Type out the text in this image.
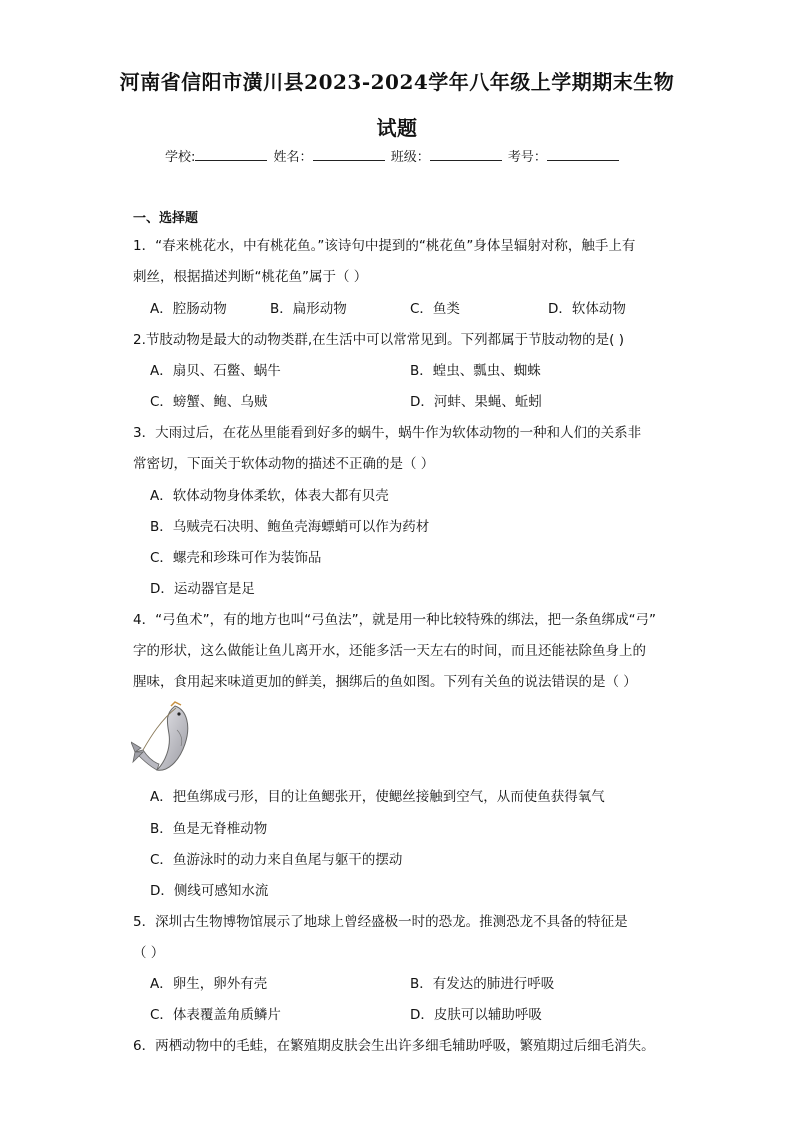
河南省信阳市潢川县2023-2024学年八年级上学期期末生物
试题
学校:	姓名：	班级：	考号：
一、选择题
1．“春来桃花水，中有桃花鱼。”该诗句中提到的“桃花鱼”身体呈辐射对称，触手上有
刺丝，根据描述判断“桃花鱼”属于（ ）
A．腔肠动物	B．扁形动物	C．鱼类	D．软体动物
2.节肢动物是最大的动物类群,在生活中可以常常见到。下列都属于节肢动物的是( )
A．扇贝、石鳖、蜗牛	B．蝗虫、瓢虫、蜘蛛
C．螃蟹、鲍、乌贼	D．河蚌、果蝇、蚯蚓
3．大雨过后，在花丛里能看到好多的蜗牛，蜗牛作为软体动物的一种和人们的关系非
常密切，下面关于软体动物的描述不正确的是（ ）
A．软体动物身体柔软，体表大都有贝壳
B．乌贼壳石决明、鲍鱼壳海螵蛸可以作为药材
C．螺壳和珍珠可作为装饰品
D．运动器官是足
4．“弓鱼术”，有的地方也叫“弓鱼法”，就是用一种比较特殊的绑法，把一条鱼绑成“弓”
字的形状，这么做能让鱼儿离开水，还能多活一天左右的时间，而且还能祛除鱼身上的
腥味，食用起来味道更加的鲜美，捆绑后的鱼如图。下列有关鱼的说法错误的是（ ）
A．把鱼绑成弓形，目的让鱼鳃张开，使鳃丝接触到空气，从而使鱼获得氧气
B．鱼是无脊椎动物
C．鱼游泳时的动力来自鱼尾与躯干的摆动
D．侧线可感知水流
5．深圳古生物博物馆展示了地球上曾经盛极一时的恐龙。推测恐龙不具备的特征是
（ ）
A．卵生，卵外有壳	B．有发达的肺进行呼吸
C．体表覆盖角质鳞片	D．皮肤可以辅助呼吸
6．两栖动物中的毛蛙，在繁殖期皮肤会生出许多细毛辅助呼吸，繁殖期过后细毛消失。
